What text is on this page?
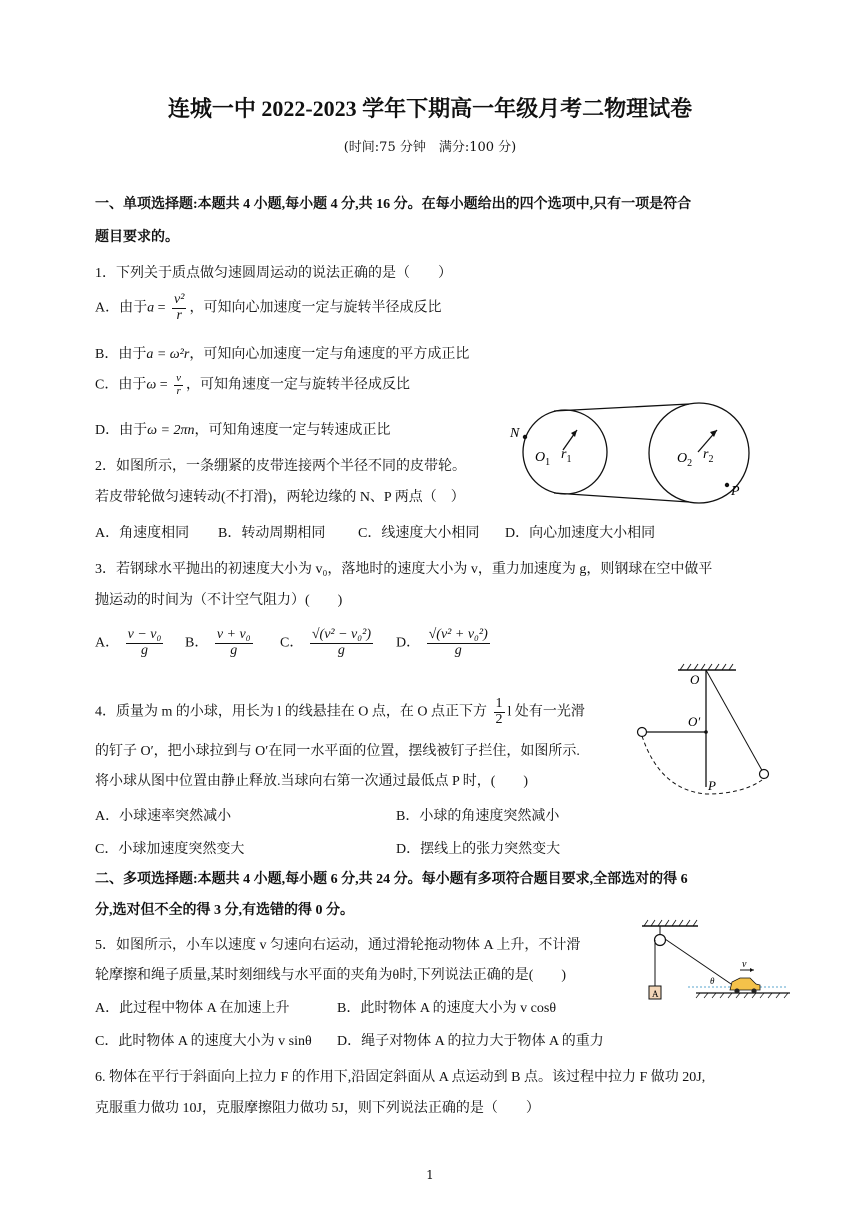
连城一中 2022-2023 学年下期高一年级月考二物理试卷
(时间:75 分钟　满分:100 分)
一、单项选择题:本题共 4 小题,每小题 4 分,共 16 分。在每小题给出的四个选项中,只有一项是符合
题目要求的。
1．下列关于质点做匀速圆周运动的说法正确的是（　　）
A．由于$a = \frac{\text{v²}}{r}$ ，可知向心加速度一定与旋转半径成反比
B．由于a = ω²r，可知向心加速度一定与角速度的平方成正比
C．由于$\omega = \frac{v}{r}$ ，可知角速度一定与旋转半径成反比
D．由于ω = 2πn，可知角速度一定与转速成正比
2．如图所示，一条绷紧的皮带连接两个半径不同的皮带轮。
若皮带轮做匀速转动(不打滑)，两轮边缘的 N、P 两点（　）
A．角速度相同 B．转动周期相同 C．线速度大小相同 D．向心加速度大小相同
N
P
$O_1$
$r_1$	$O_2$
$r_2$
3．若钢球水平抛出的初速度大小为 v₀，落地时的速度大小为 v，重力加速度为 g，则钢球在空中做平
抛运动的时间为（不计空气阻力）(　　)
A． $\frac{\text{v − v₀}}{g}$ B． $\frac{\text{v + v₀}}{g}$ C． $\frac{\text{√(v² − v₀²)}}{g}$ D． $\frac{\text{√(v² + v₀²)}}{g}$
4．质量为 m 的小球，用长为 l 的线悬挂在 O 点，在 O 点正下方 $\frac{1}{2}$ l 处有一光滑
的钉子 O′，把小球拉到与 O′在同一水平面的位置，摆线被钉子拦住，如图所示.
将小球从图中位置由静止释放.当球向右第一次通过最低点 P 时，(　　)
A．小球速率突然减小	B．小球的角速度突然减小
C．小球加速度突然变大	D．摆线上的张力突然变大
O
O′
P
二、多项选择题:本题共 4 小题,每小题 6 分,共 24 分。每小题有多项符合题目要求,全部选对的得 6
分,选对但不全的得 3 分,有选错的得 0 分。
5．如图所示，小车以速度 v 匀速向右运动，通过滑轮拖动物体 A 上升，不计滑
轮摩擦和绳子质量,某时刻细线与水平面的夹角为θ时,下列说法正确的是(　　)
A．此过程中物体 A 在加速上升	B．此时物体 A 的速度大小为 v cosθ
C．此时物体 A 的速度大小为 v sinθ D．绳子对物体 A 的拉力大于物体 A 的重力
A
v
θ
6. 物体在平行于斜面向上拉力 F 的作用下,沿固定斜面从 A 点运动到 B 点。该过程中拉力 F 做功 20J,
克服重力做功 10J，克服摩擦阻力做功 5J，则下列说法正确的是（　　）
1
